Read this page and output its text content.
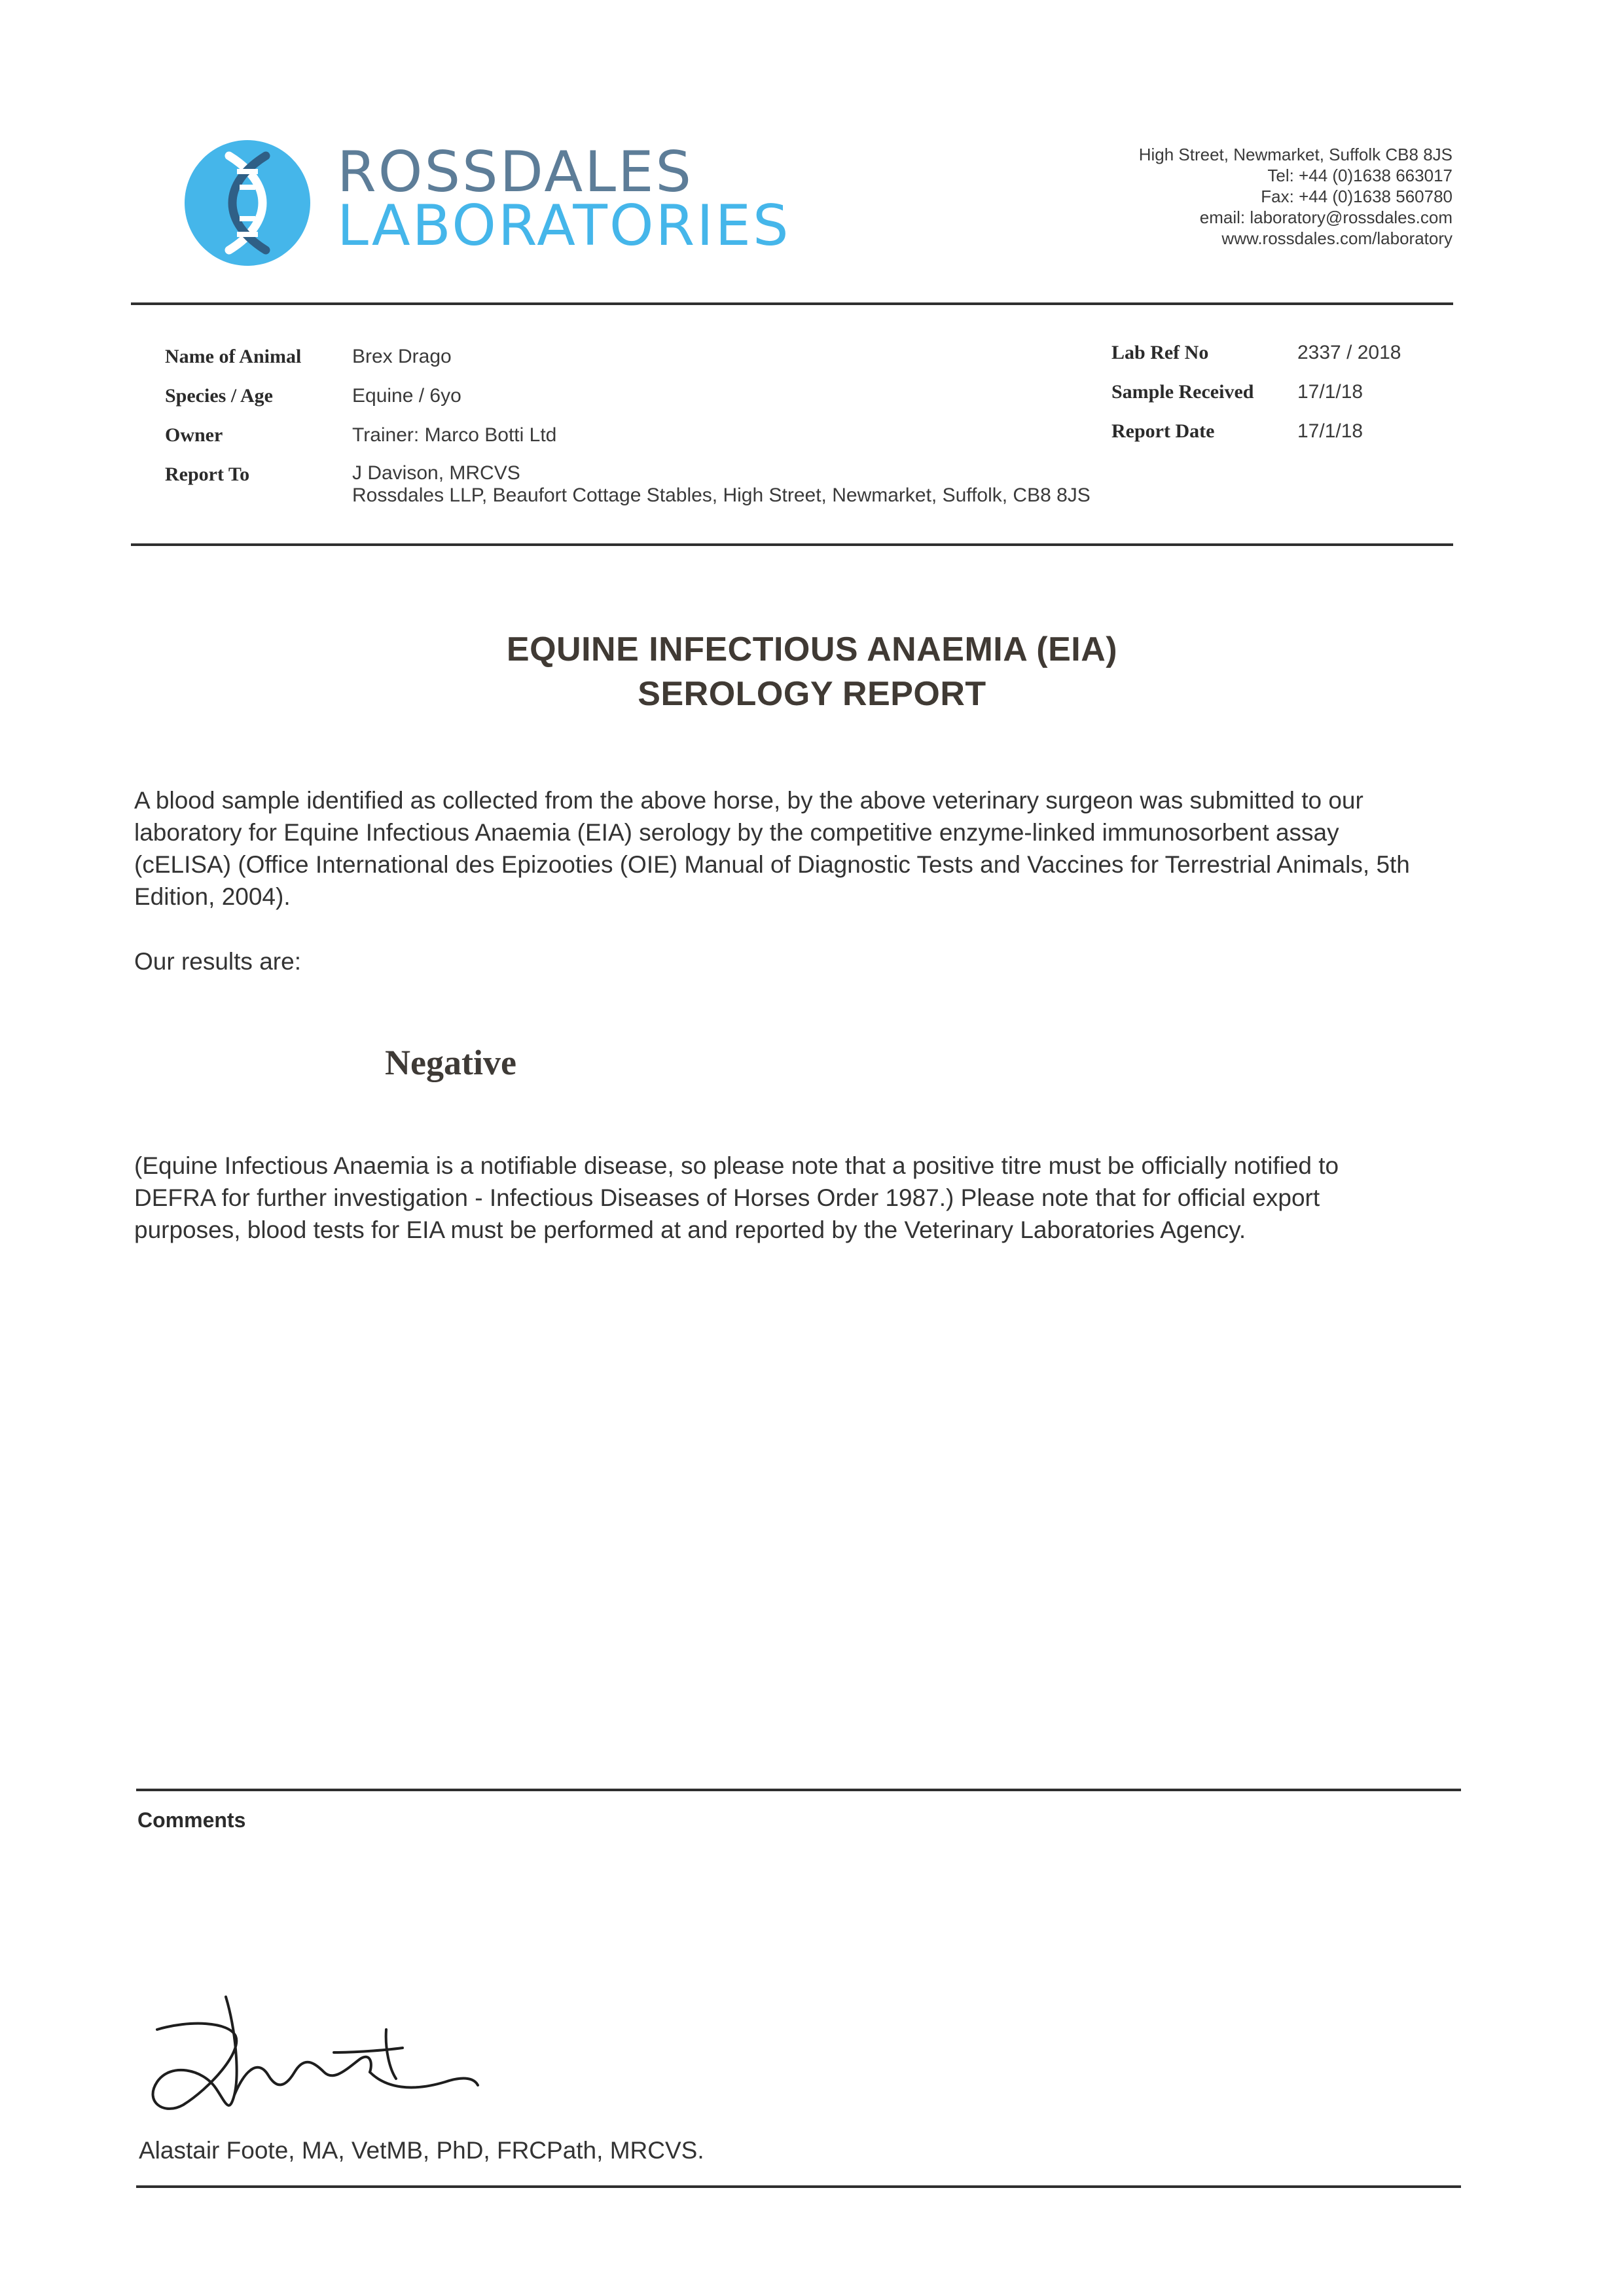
ROSSDALES
LABORATORIES
High Street, Newmarket, Suffolk CB8 8JS
Tel: +44 (0)1638 663017
Fax: +44 (0)1638 560780
email: laboratory@rossdales.com
www.rossdales.com/laboratory
Name of Animal	Brex Drago
Species / Age	Equine / 6yo
Owner	Trainer: Marco Botti Ltd
Report To	J Davison, MRCVS
Rossdales LLP, Beaufort Cottage Stables, High Street, Newmarket, Suffolk, CB8 8JS
Lab Ref No	2337 / 2018
Sample Received 17/1/18
Report Date	17/1/18
EQUINE INFECTIOUS ANAEMIA (EIA)
SEROLOGY REPORT
A blood sample identified as collected from the above horse, by the above veterinary surgeon was submitted to our
laboratory for Equine Infectious Anaemia (EIA) serology by the competitive enzyme-linked immunosorbent assay
(cELISA) (Office International des Epizooties (OIE) Manual of Diagnostic Tests and Vaccines for Terrestrial Animals, 5th
Edition, 2004).
Our results are:
Negative
(Equine Infectious Anaemia is a notifiable disease, so please note that a positive titre must be officially notified to
DEFRA for further investigation - Infectious Diseases of Horses Order 1987.) Please note that for official export
purposes, blood tests for EIA must be performed at and reported by the Veterinary Laboratories Agency.
Comments
Alastair Foote, MA, VetMB, PhD, FRCPath, MRCVS.
